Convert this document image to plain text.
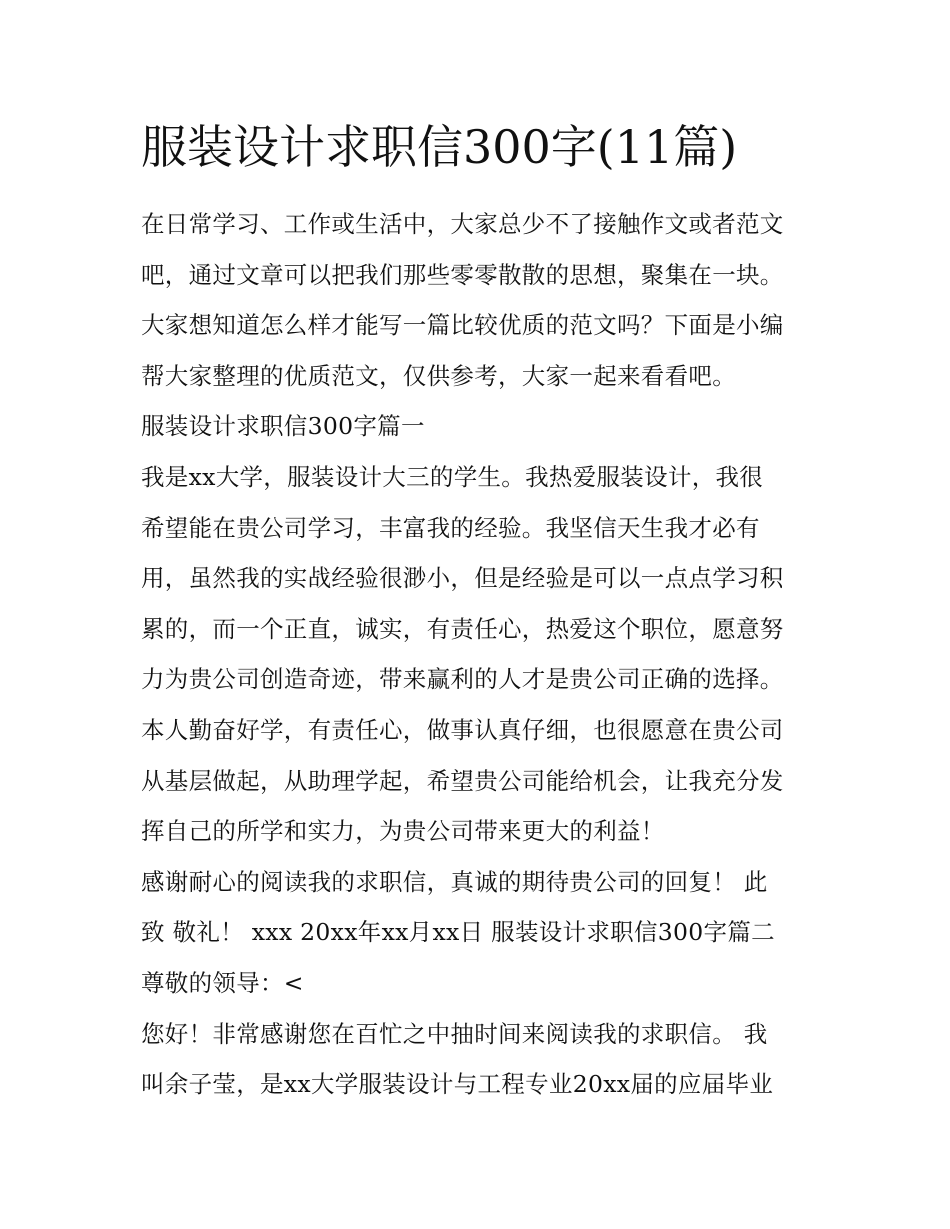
服装设计求职信300字(11篇)
在日常学习、工作或生活中，大家总少不了接触作文或者范文
吧，通过文章可以把我们那些零零散散的思想，聚集在一块。
大家想知道怎么样才能写一篇比较优质的范文吗？下面是小编
帮大家整理的优质范文，仅供参考，大家一起来看看吧。
服装设计求职信300字篇一
我是xx大学，服装设计大三的学生。我热爱服装设计，我很
希望能在贵公司学习，丰富我的经验。我坚信天生我才必有
用，虽然我的实战经验很渺小，但是经验是可以一点点学习积
累的，而一个正直，诚实，有责任心，热爱这个职位，愿意努
力为贵公司创造奇迹，带来赢利的人才是贵公司正确的选择。
本人勤奋好学，有责任心，做事认真仔细，也很愿意在贵公司
从基层做起，从助理学起，希望贵公司能给机会，让我充分发
挥自己的所学和实力，为贵公司带来更大的利益！
感谢耐心的阅读我的求职信，真诚的期待贵公司的回复！ 此
致 敬礼！ xxx 20xx年xx月xx日 服装设计求职信300字篇二
尊敬的领导：<
您好！非常感谢您在百忙之中抽时间来阅读我的求职信。 我
叫余子莹，是xx大学服装设计与工程专业20xx届的应届毕业
